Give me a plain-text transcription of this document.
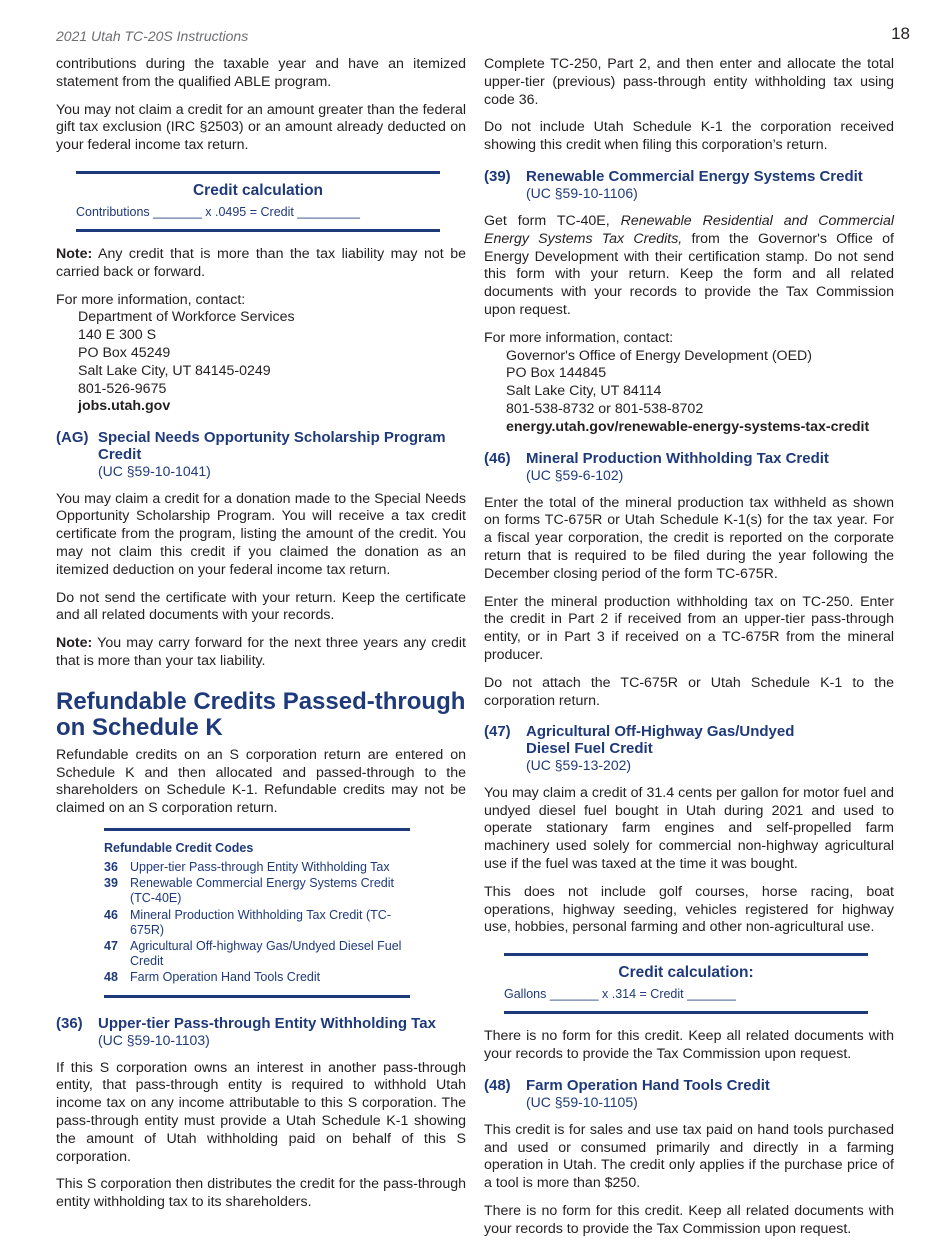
2021 Utah TC-20S Instructions	18

contributions during the taxable year and have an itemized statement from the qualified ABLE program.

You may not claim a credit for an amount greater than the federal gift tax exclusion (IRC §2503) or an amount already deducted on your federal income tax return.

Credit calculation
Contributions _______ x .0495 = Credit _________

Note: Any credit that is more than the tax liability may not be carried back or forward.

For more information, contact:

Department of Workforce Services
140 E 300 S
PO Box 45249
Salt Lake City, UT 84145-0249
801-526-9675
jobs.utah.gov
(AG) Special Needs Opportunity Scholarship Program Credit
(UC §59-10-1041)

You may claim a credit for a donation made to the Special Needs Opportunity Scholarship Program. You will receive a tax credit certificate from the program, listing the amount of the credit. You may not claim this credit if you claimed the donation as an itemized deduction on your federal income tax return.

Do not send the certificate with your return. Keep the certificate and all related documents with your records.

Note: You may carry forward for the next three years any credit that is more than your tax liability.

Refundable Credits Passed-through on Schedule K

Refundable credits on an S corporation return are entered on Schedule K and then allocated and passed-through to the shareholders on Schedule K-1. Refundable credits may not be claimed on an S corporation return.

Refundable Credit Codes
36 Upper-tier Pass-through Entity Withholding Tax
39 Renewable Commercial Energy Systems Credit (TC-40E)
46 Mineral Production Withholding Tax Credit (TC-675R)
47 Agricultural Off-highway Gas/Undyed Diesel Fuel Credit
48 Farm Operation Hand Tools Credit
(36)	Upper-tier Pass-through Entity Withholding Tax
(UC §59-10-1103)

If this S corporation owns an interest in another pass-through entity, that pass-through entity is required to withhold Utah income tax on any income attributable to this S corporation. The pass-through entity must provide a Utah Schedule K-1 showing the amount of Utah withholding paid on behalf of this S corporation.

This S corporation then distributes the credit for the pass-through entity withholding tax to its shareholders.

Complete TC-250, Part 2, and then enter and allocate the total upper-tier (previous) pass-through entity withholding tax using code 36.

Do not include Utah Schedule K-1 the corporation received showing this credit when filing this corporation’s return.

(39)	Renewable Commercial Energy Systems Credit
(UC §59-10-1106)

Get form TC-40E, Renewable Residential and Commercial Energy Systems Tax Credits, from the Governor's Office of Energy Development with their certification stamp. Do not send this form with your return. Keep the form and all related documents with your records to provide the Tax Commission upon request.

For more information, contact:

Governor's Office of Energy Development (OED)
PO Box 144845
Salt Lake City, UT 84114
801-538-8732 or 801-538-8702
energy.utah.gov/renewable-energy-systems-tax-credit
(46)	Mineral Production Withholding Tax Credit
(UC §59-6-102)

Enter the total of the mineral production tax withheld as shown on forms TC-675R or Utah Schedule K-1(s) for the tax year. For a fiscal year corporation, the credit is reported on the corporate return that is required to be filed during the year following the December closing period of the form TC-675R.

Enter the mineral production withholding tax on TC-250. Enter the credit in Part 2 if received from an upper-tier pass-through entity, or in Part 3 if received on a TC-675R from the mineral producer.

Do not attach the TC-675R or Utah Schedule K-1 to the corporation return.

(47)	Agricultural Off-Highway Gas/Undyed Diesel Fuel Credit
(UC §59-13-202)

You may claim a credit of 31.4 cents per gallon for motor fuel and undyed diesel fuel bought in Utah during 2021 and used to operate stationary farm engines and self-propelled farm machinery used solely for commercial non-highway agricultural use if the fuel was taxed at the time it was bought.

This does not include golf courses, horse racing, boat operations, highway seeding, vehicles registered for highway use, hobbies, personal farming and other non-agricultural use.

Credit calculation:
Gallons _______ x .314 = Credit _______

There is no form for this credit. Keep all related documents with your records to provide the Tax Commission upon request.

(48)	Farm Operation Hand Tools Credit
(UC §59-10-1105)

This credit is for sales and use tax paid on hand tools purchased and used or consumed primarily and directly in a farming operation in Utah. The credit only applies if the purchase price of a tool is more than $250.

There is no form for this credit. Keep all related documents with your records to provide the Tax Commission upon request.
